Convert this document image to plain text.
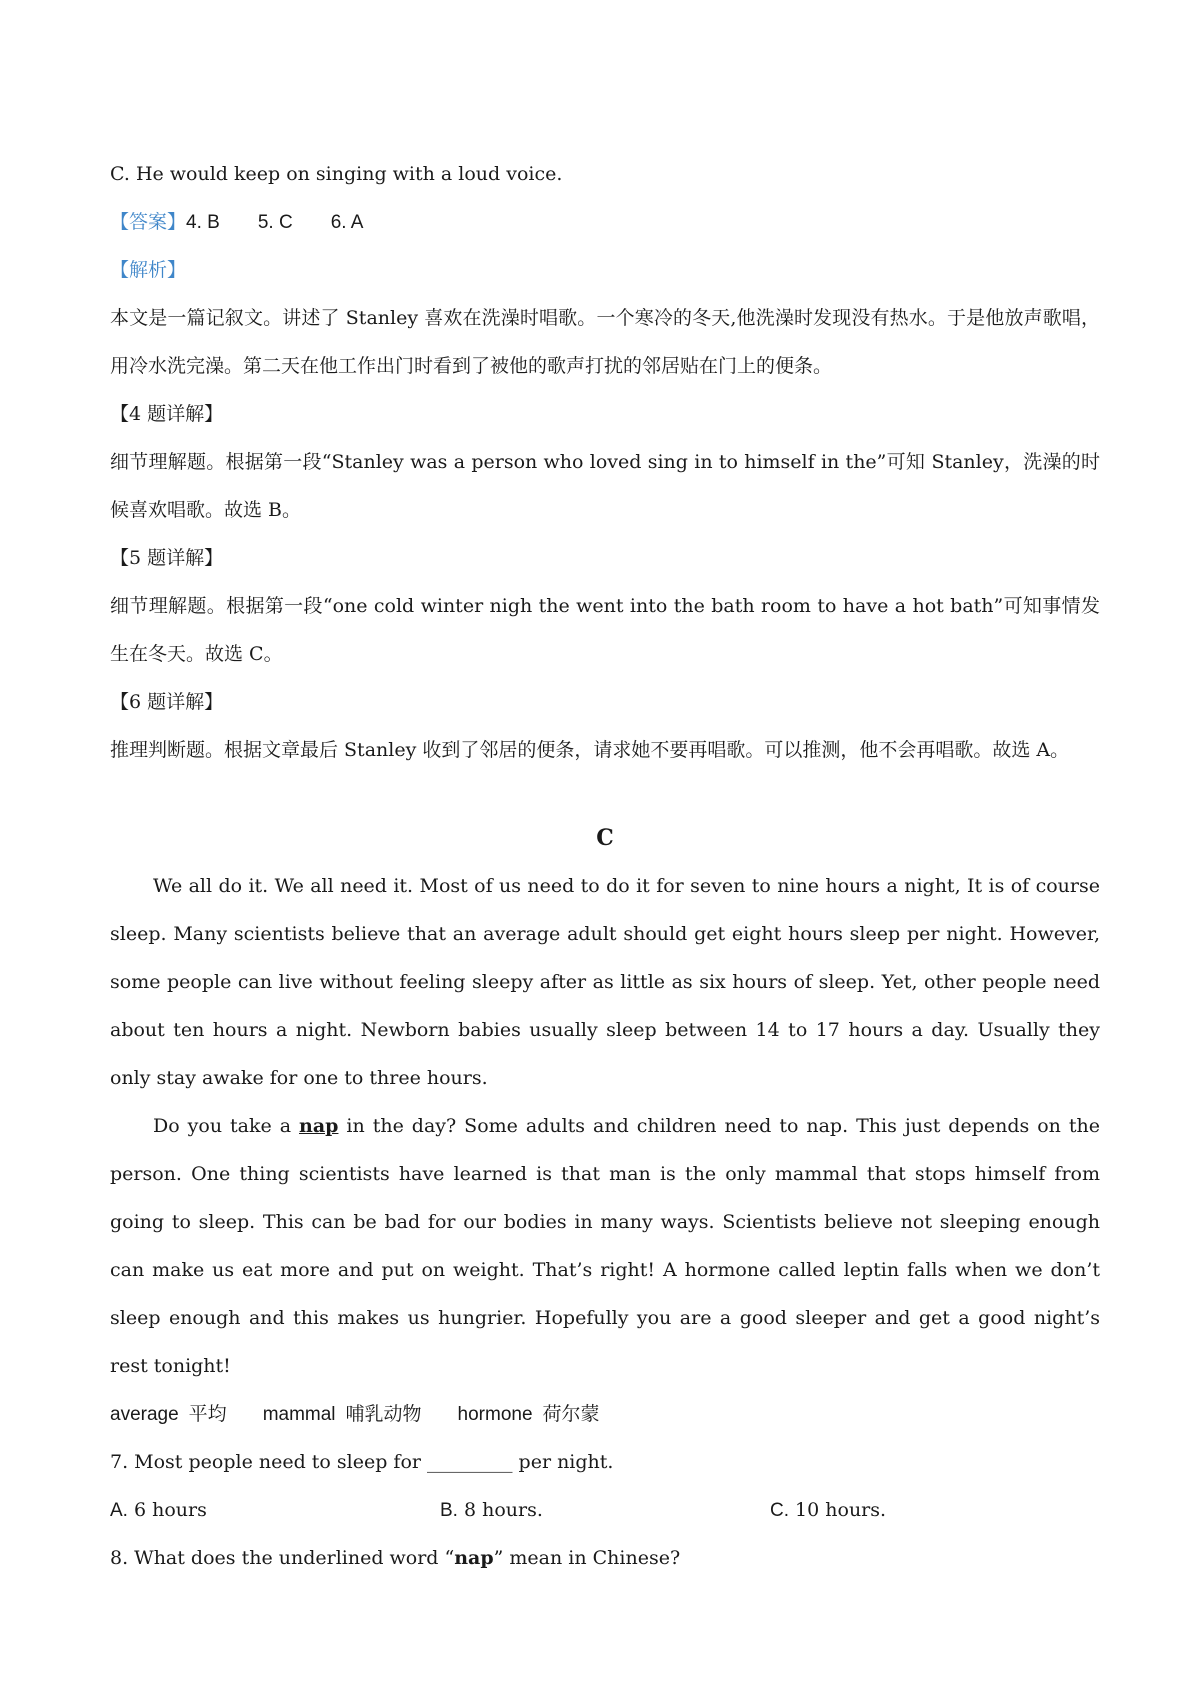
C. He would keep on singing with a loud voice.
【答案】4. B 5. C 6. A
【解析】
本文是一篇记叙文。讲述了 Stanley 喜欢在洗澡时唱歌。一个寒冷的冬天,他洗澡时发现没有热水。于是他放声歌唱，用冷水洗完澡。第二天在他工作出门时看到了被他的歌声打扰的邻居贴在门上的便条。
【4 题详解】
细节理解题。根据第一段“Stanley was a person who loved sing in to himself in the”可知 Stanley，洗澡的时候喜欢唱歌。故选 B。
【5 题详解】
细节理解题。根据第一段“one cold winter nigh the went into the bath room to have a hot bath”可知事情发生在冬天。故选 C。
【6 题详解】
推理判断题。根据文章最后 Stanley 收到了邻居的便条，请求她不要再唱歌。可以推测，他不会再唱歌。故选 A。
C
We all do it. We all need it. Most of us need to do it for seven to nine hours a night, It is of course sleep. Many scientists believe that an average adult should get eight hours sleep per night. However, some people can live without feeling sleepy after as little as six hours of sleep. Yet, other people need about ten hours a night. Newborn babies usually sleep between 14 to 17 hours a day. Usually they only stay awake for one to three hours.
Do you take a nap in the day? Some adults and children need to nap. This just depends on the person. One thing scientists have learned is that man is the only mammal that stops himself from going to sleep. This can be bad for our bodies in many ways. Scientists believe not sleeping enough can make us eat more and put on weight. That’s right! A hormone called leptin falls when we don’t sleep enough and this makes us hungrier. Hopefully you are a good sleeper and get a good night’s rest tonight!
average 平均 mammal 哺乳动物 hormone 荷尔蒙
7. Most people need to sleep for _________ per night.
A. 6 hours	B. 8 hours.	C. 10 hours.
8. What does the underlined word “nap” mean in Chinese?
